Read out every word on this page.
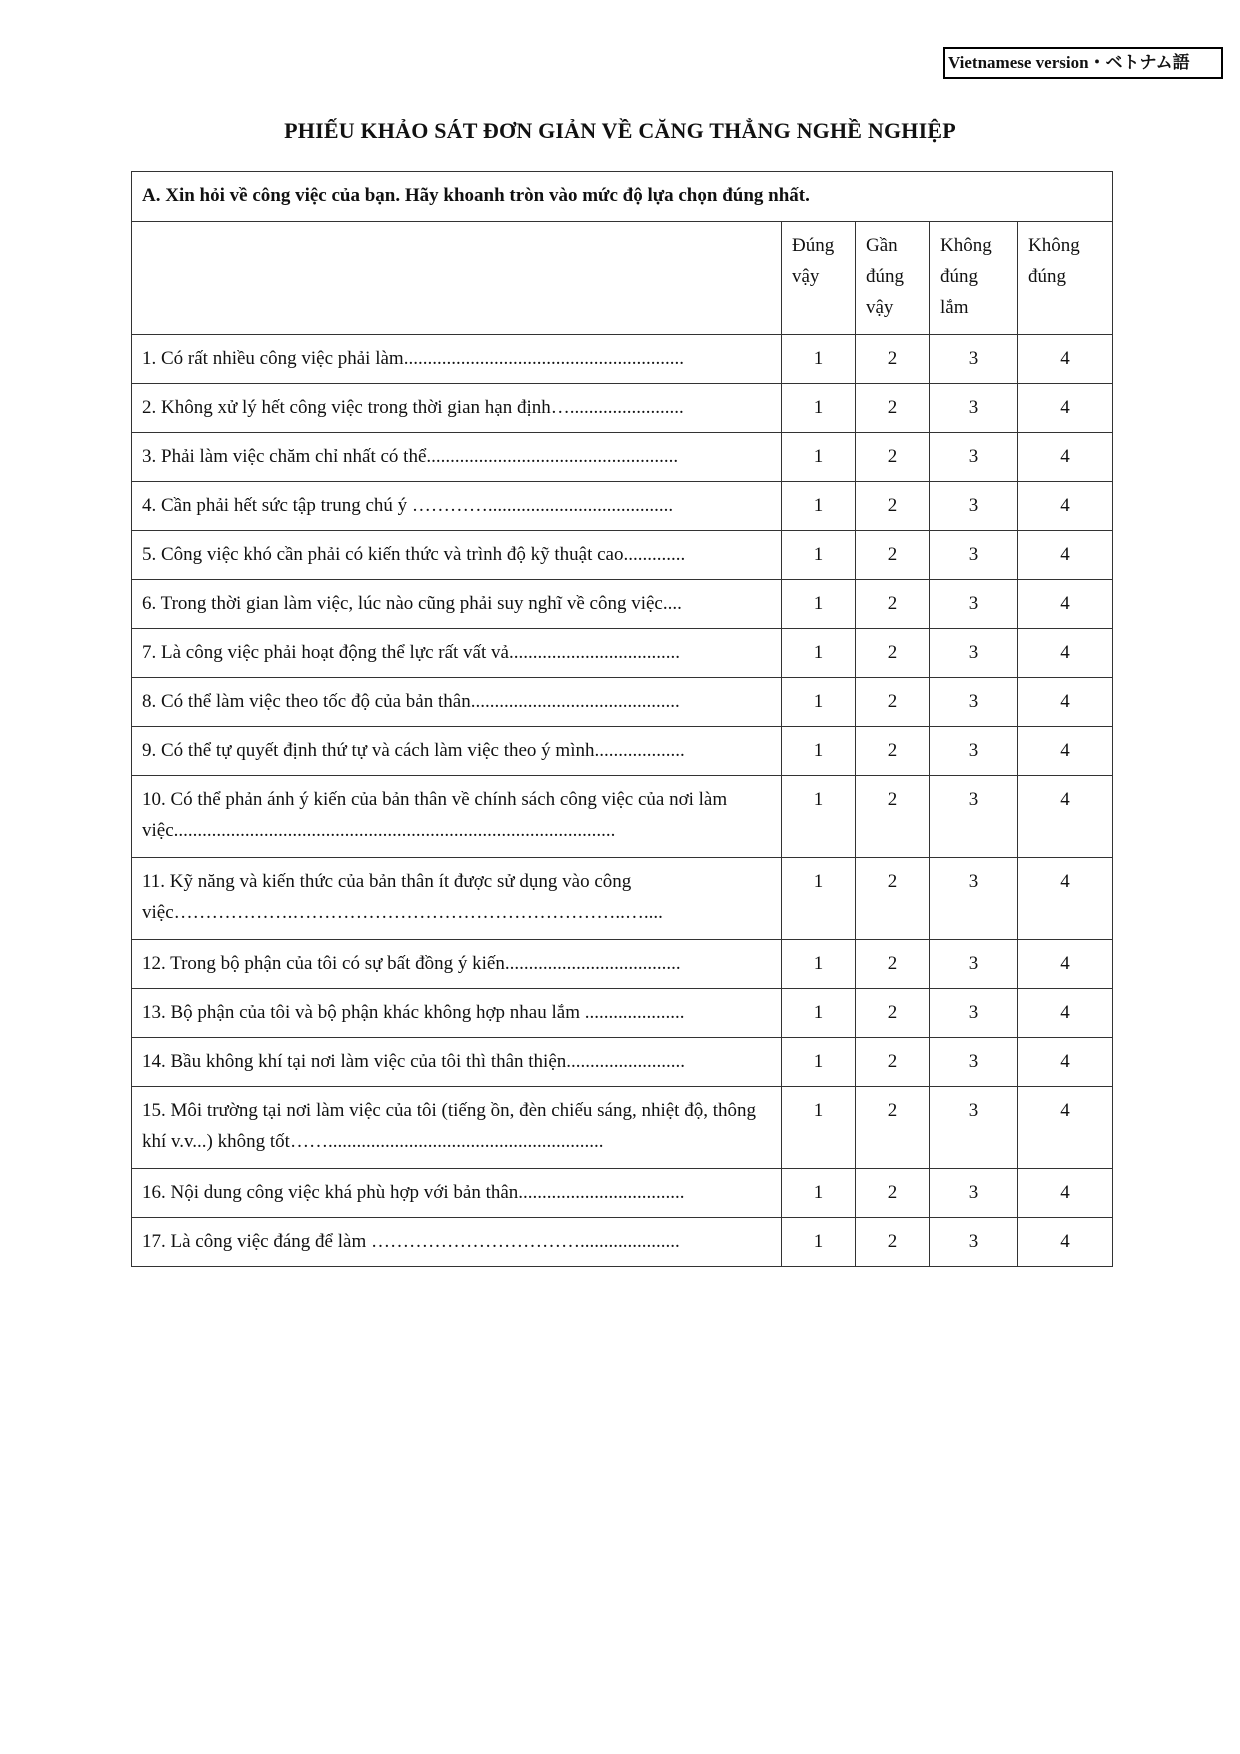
Vietnamese version・ベトナム語
PHIẾU KHẢO SÁT ĐƠN GIẢN VỀ CĂNG THẲNG NGHỀ NGHIỆP
A. Xin hỏi về công việc của bạn. Hãy khoanh tròn vào mức độ lựa chọn đúng nhất.				
	Đúng vậy	Gần đúng vậy	Không đúng lắm	Không đúng
1. Có rất nhiều công việc phải làm...........................................................	1	2	3	4
2. Không xử lý hết công việc trong thời gian hạn định…........................	1	2	3	4
3. Phải làm việc chăm chỉ nhất có thể.....................................................	1	2	3	4
4. Cần phải hết sức tập trung chú ý ………….......................................	1	2	3	4
5. Công việc khó cần phải có kiến thức và trình độ kỹ thuật cao.............	1	2	3	4
6. Trong thời gian làm việc, lúc nào cũng phải suy nghĩ về công việc....	1	2	3	4
7. Là công việc phải hoạt động thể lực rất vất vả....................................	1	2	3	4
8. Có thể làm việc theo tốc độ của bản thân............................................	1	2	3	4
9. Có thể tự quyết định thứ tự và cách làm việc theo ý mình...................	1	2	3	4
10. Có thể phản ánh ý kiến của bản thân về chính sách công việc của nơi làm việc.............................................................................................	1	2	3	4
11. Kỹ năng và kiến thức của bản thân ít được sử dụng vào công việc……………….……………………………………………..…....	1	2	3	4
12. Trong bộ phận của tôi có sự bất đồng ý kiến.....................................	1	2	3	4
13. Bộ phận của tôi và bộ phận khác không hợp nhau lắm .....................	1	2	3	4
14. Bầu không khí tại nơi làm việc của tôi thì thân thiện.........................	1	2	3	4
15. Môi trường tại nơi làm việc của tôi (tiếng ồn, đèn chiếu sáng, nhiệt độ, thông khí v.v...) không tốt……..........................................................	1	2	3	4
16. Nội dung công việc khá phù hợp với bản thân...................................	1	2	3	4
17. Là công việc đáng để làm …………………………….....................	1	2	3	4
